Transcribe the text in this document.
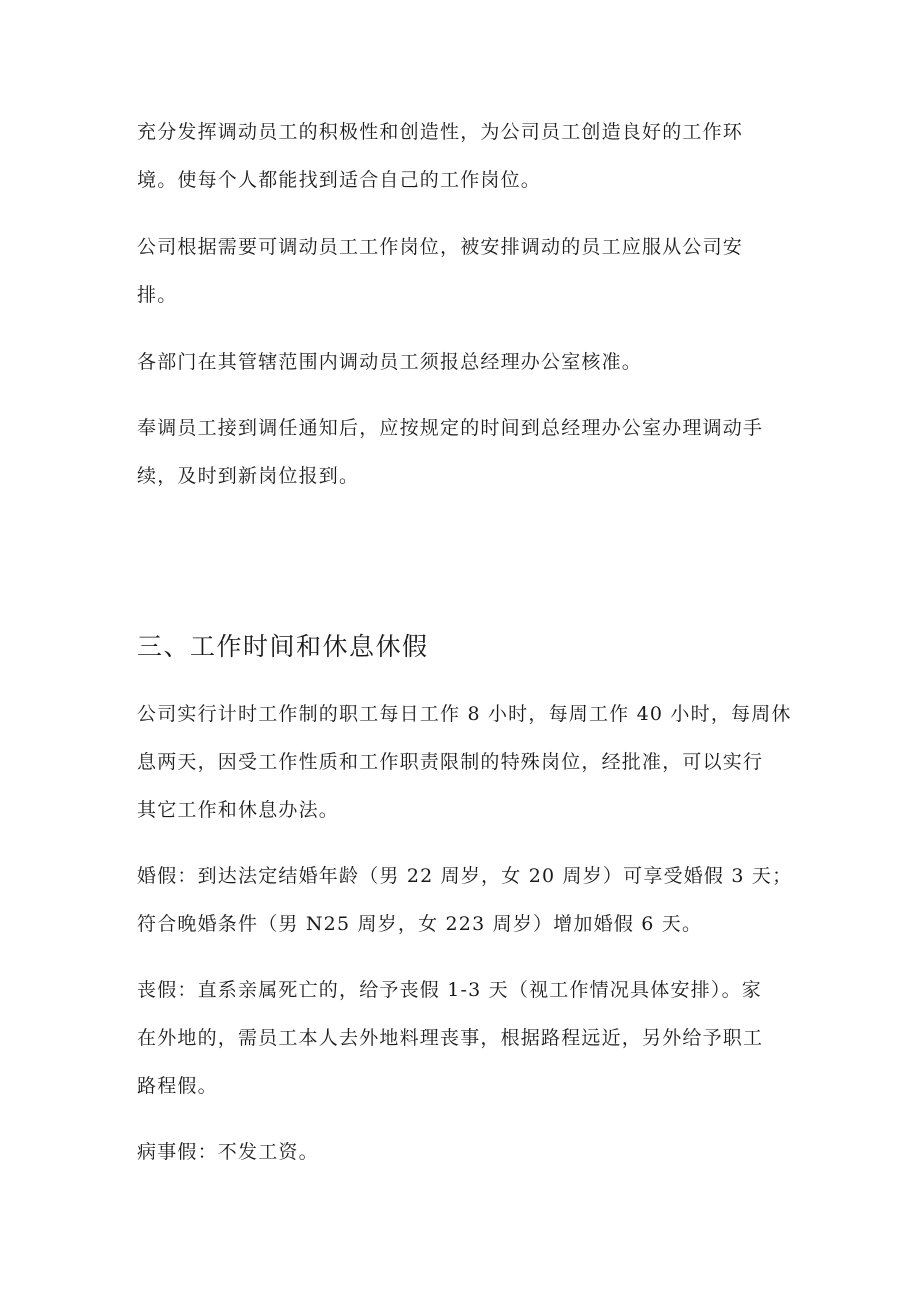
充分发挥调动员工的积极性和创造性，为公司员工创造良好的工作环
境。使每个人都能找到适合自己的工作岗位。

公司根据需要可调动员工工作岗位，被安排调动的员工应服从公司安
排。

各部门在其管辖范围内调动员工须报总经理办公室核准。

奉调员工接到调任通知后，应按规定的时间到总经理办公室办理调动手
续，及时到新岗位报到。

三、工作时间和休息休假

公司实行计时工作制的职工每日工作 8 小时，每周工作 40 小时，每周休
息两天，因受工作性质和工作职责限制的特殊岗位，经批准，可以实行
其它工作和休息办法。

婚假：到达法定结婚年龄（男 22 周岁，女 20 周岁）可享受婚假 3 天；
符合晚婚条件（男 N25 周岁，女 223 周岁）增加婚假 6 天。

丧假：直系亲属死亡的，给予丧假 1-3 天（视工作情况具体安排）。家
在外地的，需员工本人去外地料理丧事，根据路程远近，另外给予职工
路程假。

病事假：不发工资。
